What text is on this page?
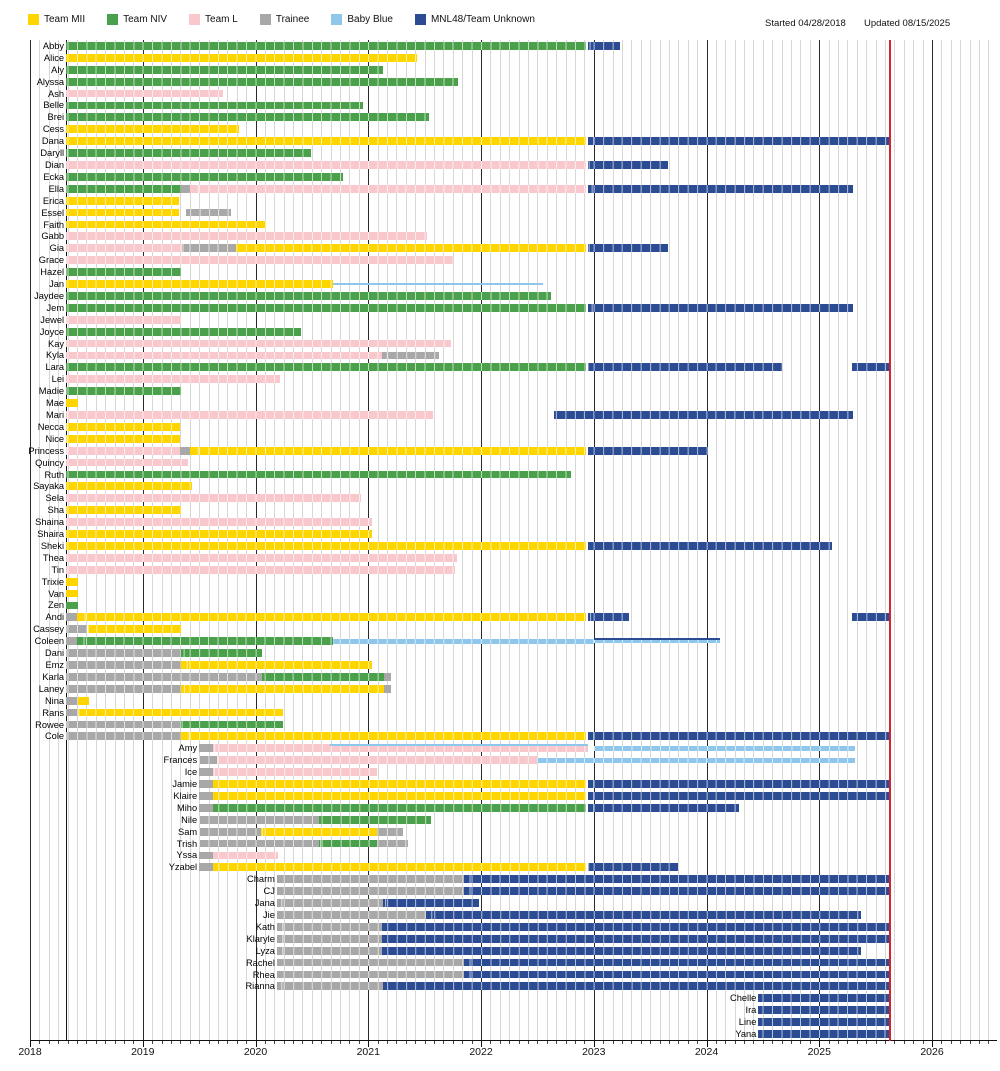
Team MII	Team NIV	Team L	Trainee	Baby Blue	MNL48/Team Unknown	Started 04/28/2018 Updated 08/15/2025
2018	2019	2020	2021	2022	2023	2024	2025	2026
Abby
Alice
Aly
Alyssa
Ash
Belle
Brei
Cess
Dana
Daryll
Dian
Ecka
Ella
Erica
Essel
Faith
Gabb
Gia
Grace
Hazel
Jan
Jaydee
Jem
Jewel
Joyce
Kay
Kyla
Lara
Lei
Madie
Mae
Mari
Necca
Nice
Princess
Quincy
Ruth
Sayaka
Sela
Sha
Shaina
Shaira
Sheki
Thea
Tin
Trixie
Van
Zen
Andi
Cassey
Coleen
Dani
Emz
Karla
Laney
Nina
Rans
Rowee
Cole
Amy
Frances
Ice
Jamie
Klaire
Miho
Nile
Sam
Trish
Yssa
Yzabel
Charm
CJ
Jana
Jie
Kath
Klaryle
Lyza
Rachel
Rhea
Rianna
Chelle
Ira
Line
Yana
